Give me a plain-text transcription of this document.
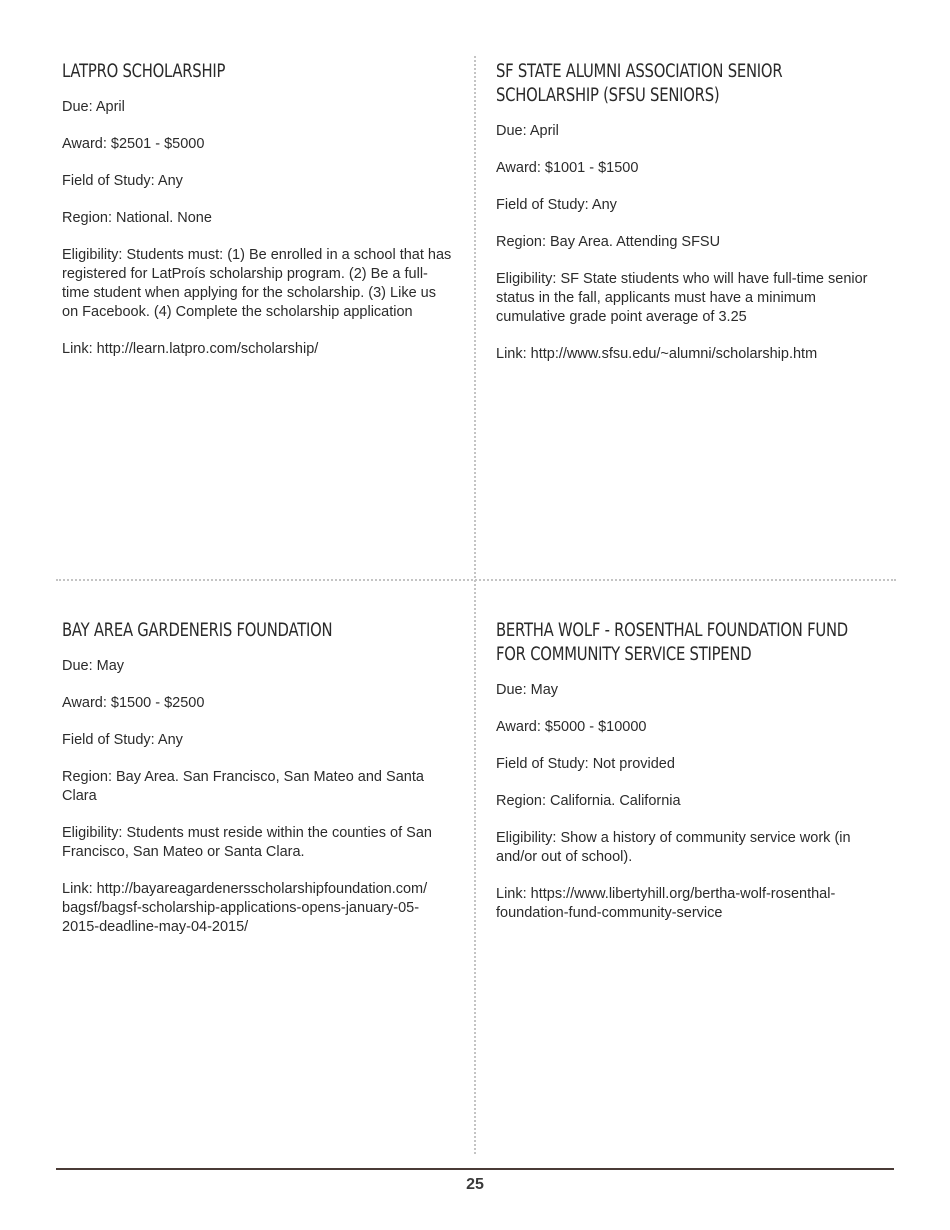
LATPRO SCHOLARSHIP
Due: April
Award: $2501 - $5000
Field of Study: Any
Region: National. None
Eligibility: Students must: (1) Be enrolled in a school that has registered for LatProís scholarship program. (2) Be a full-time student when applying for the scholarship. (3) Like us on Facebook. (4) Complete the scholarship application
Link: http://learn.latpro.com/scholarship/
SF STATE ALUMNI ASSOCIATION SENIOR SCHOLARSHIP (SFSU SENIORS)
Due: April
Award: $1001 - $1500
Field of Study: Any
Region: Bay Area. Attending SFSU
Eligibility: SF State stiudents who will have full-time senior status in the fall, applicants must have a minimum cumulative grade point average of 3.25
Link: http://www.sfsu.edu/~alumni/scholarship.htm
BAY AREA GARDENERIS FOUNDATION
Due: May
Award: $1500 - $2500
Field of Study: Any
Region: Bay Area. San Francisco, San Mateo and Santa Clara
Eligibility: Students must reside within the counties of San Francisco, San Mateo or Santa Clara.
Link: http://bayareagardenersscholarshipfoundation.com/ bagsf/bagsf-scholarship-applications-opens-january-05-2015-deadline-may-04-2015/
BERTHA WOLF - ROSENTHAL FOUNDATION FUND FOR COMMUNITY SERVICE STIPEND
Due: May
Award: $5000 - $10000
Field of Study: Not provided
Region: California. California
Eligibility: Show a history of community service work (in and/or out of school).
Link: https://www.libertyhill.org/bertha-wolf-rosenthal-foundation-fund-community-service
25
